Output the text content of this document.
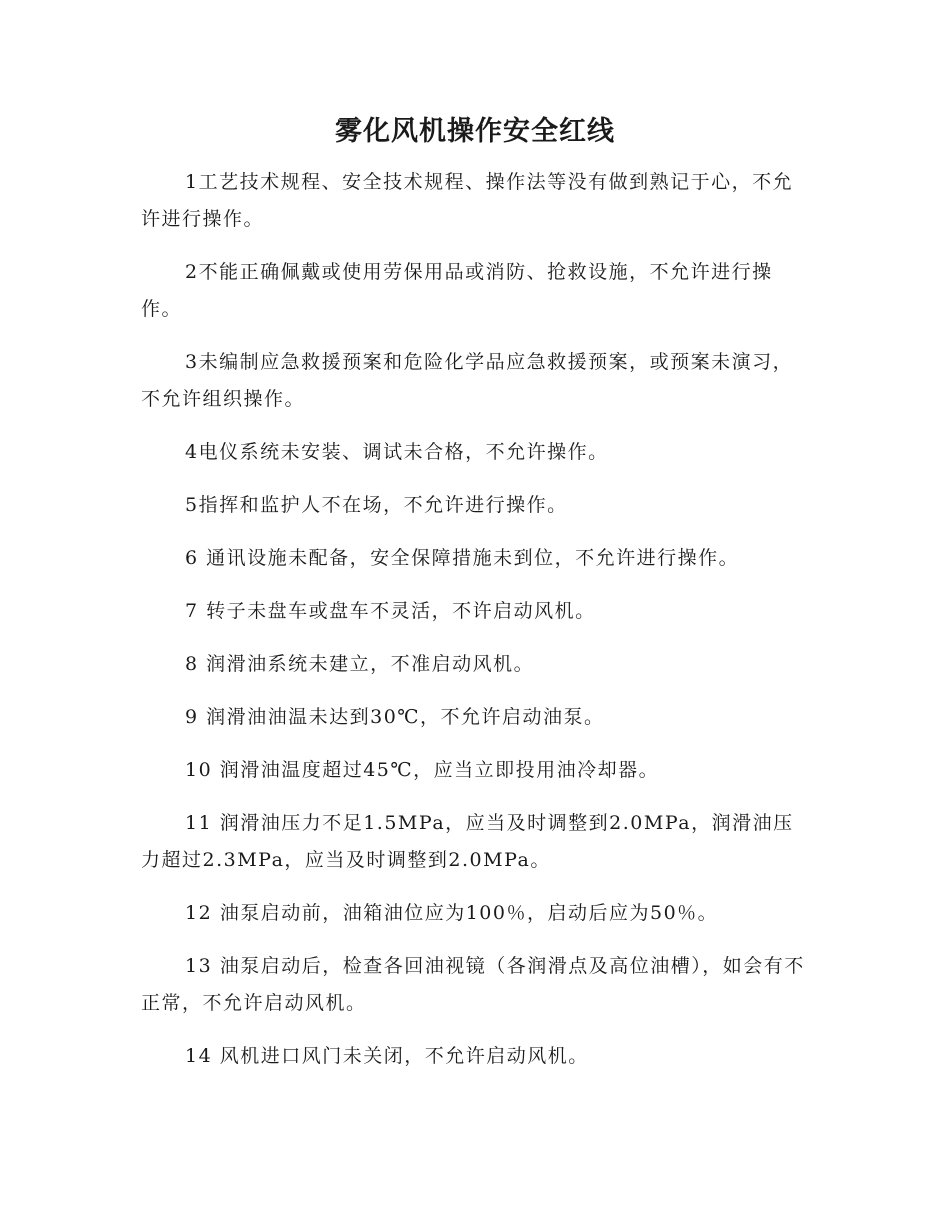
雾化风机操作安全红线

1工艺技术规程、安全技术规程、操作法等没有做到熟记于心，不允许进行操作。

2不能正确佩戴或使用劳保用品或消防、抢救设施，不允许进行操作。

3未编制应急救援预案和危险化学品应急救援预案，或预案未演习，不允许组织操作。

4电仪系统未安装、调试未合格，不允许操作。

5指挥和监护人不在场，不允许进行操作。

6 通讯设施未配备，安全保障措施未到位，不允许进行操作。

7 转子未盘车或盘车不灵活，不许启动风机。

8 润滑油系统未建立，不准启动风机。

9 润滑油油温未达到30℃，不允许启动油泵。

10 润滑油温度超过45℃，应当立即投用油冷却器。

11 润滑油压力不足1.5MPa，应当及时调整到2.0MPa，润滑油压力超过2.3MPa，应当及时调整到2.0MPa。

12 油泵启动前，油箱油位应为100％，启动后应为50％。

13 油泵启动后，检查各回油视镜（各润滑点及高位油槽），如会有不正常，不允许启动风机。

14 风机进口风门未关闭，不允许启动风机。
